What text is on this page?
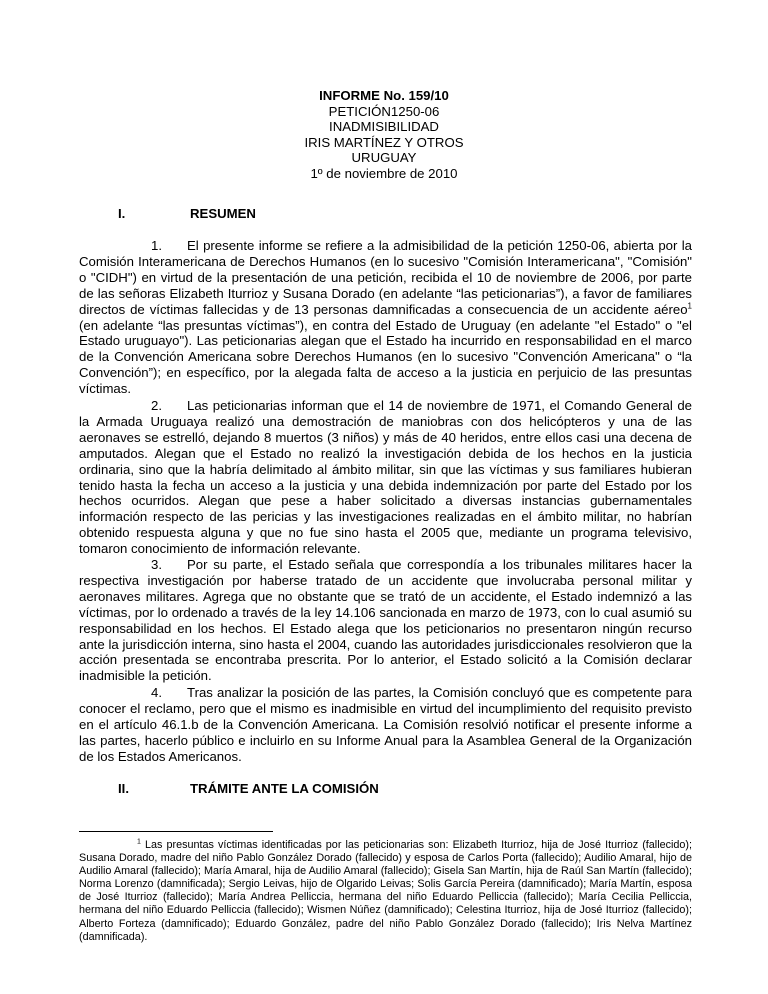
INFORME No. 159/10
PETICIÓN1250-06
INADMISIBILIDAD
IRIS MARTÍNEZ Y OTROS
URUGUAY
1º de noviembre de 2010
I.	RESUMEN
1. El presente informe se refiere a la admisibilidad de la petición 1250-06, abierta por la Comisión Interamericana de Derechos Humanos (en lo sucesivo "Comisión Interamericana", "Comisión" o "CIDH") en virtud de la presentación de una petición, recibida el 10 de noviembre de 2006, por parte de las señoras Elizabeth Iturrioz y Susana Dorado (en adelante “las peticionarias”), a favor de familiares directos de víctimas fallecidas y de 13 personas damnificadas a consecuencia de un accidente aéreo$^1$ (en adelante “las presuntas víctimas”), en contra del Estado de Uruguay (en adelante "el Estado" o "el Estado uruguayo"). Las peticionarias alegan que el Estado ha incurrido en responsabilidad en el marco de la Convención Americana sobre Derechos Humanos (en lo sucesivo "Convención Americana" o “la Convención”); en específico, por la alegada falta de acceso a la justicia en perjuicio de las presuntas víctimas.
2. Las peticionarias informan que el 14 de noviembre de 1971, el Comando General de la Armada Uruguaya realizó una demostración de maniobras con dos helicópteros y una de las aeronaves se estrelló, dejando 8 muertos (3 niños) y más de 40 heridos, entre ellos casi una decena de amputados. Alegan que el Estado no realizó la investigación debida de los hechos en la justicia ordinaria, sino que la habría delimitado al ámbito militar, sin que las víctimas y sus familiares hubieran tenido hasta la fecha un acceso a la justicia y una debida indemnización por parte del Estado por los hechos ocurridos. Alegan que pese a haber solicitado a diversas instancias gubernamentales información respecto de las pericias y las investigaciones realizadas en el ámbito militar, no habrían obtenido respuesta alguna y que no fue sino hasta el 2005 que, mediante un programa televisivo, tomaron conocimiento de información relevante.
3. Por su parte, el Estado señala que correspondía a los tribunales militares hacer la respectiva investigación por haberse tratado de un accidente que involucraba personal militar y aeronaves militares. Agrega que no obstante que se trató de un accidente, el Estado indemnizó a las víctimas, por lo ordenado a través de la ley 14.106 sancionada en marzo de 1973, con lo cual asumió su responsabilidad en los hechos. El Estado alega que los peticionarios no presentaron ningún recurso ante la jurisdicción interna, sino hasta el 2004, cuando las autoridades jurisdiccionales resolvieron que la acción presentada se encontraba prescrita. Por lo anterior, el Estado solicitó a la Comisión declarar inadmisible la petición.
4. Tras analizar la posición de las partes, la Comisión concluyó que es competente para conocer el reclamo, pero que el mismo es inadmisible en virtud del incumplimiento del requisito previsto en el artículo 46.1.b de la Convención Americana. La Comisión resolvió notificar el presente informe a las partes, hacerlo público e incluirlo en su Informe Anual para la Asamblea General de la Organización de los Estados Americanos.
II.	TRÁMITE ANTE LA COMISIÓN
$^1$ Las presuntas víctimas identificadas por las peticionarias son: Elizabeth Iturrioz, hija de José Iturrioz (fallecido); Susana Dorado, madre del niño Pablo González Dorado (fallecido) y esposa de Carlos Porta (fallecido); Audilio Amaral, hijo de Audilio Amaral (fallecido); María Amaral, hija de Audilio Amaral (fallecido); Gisela San Martín, hija de Raúl San Martín (fallecido); Norma Lorenzo (damnificada); Sergio Leivas, hijo de Olgarido Leivas; Solis García Pereira (damnificado); María Martín, esposa de José Iturrioz (fallecido); María Andrea Pelliccia, hermana del niño Eduardo Pelliccia (fallecido); María Cecilia Pelliccia, hermana del niño Eduardo Pelliccia (fallecido); Wismen Núñez (damnificado); Celestina Iturrioz, hija de José Iturrioz (fallecido); Alberto Forteza (damnificado); Eduardo González, padre del niño Pablo González Dorado (fallecido); Iris Nelva Martínez (damnificada).
